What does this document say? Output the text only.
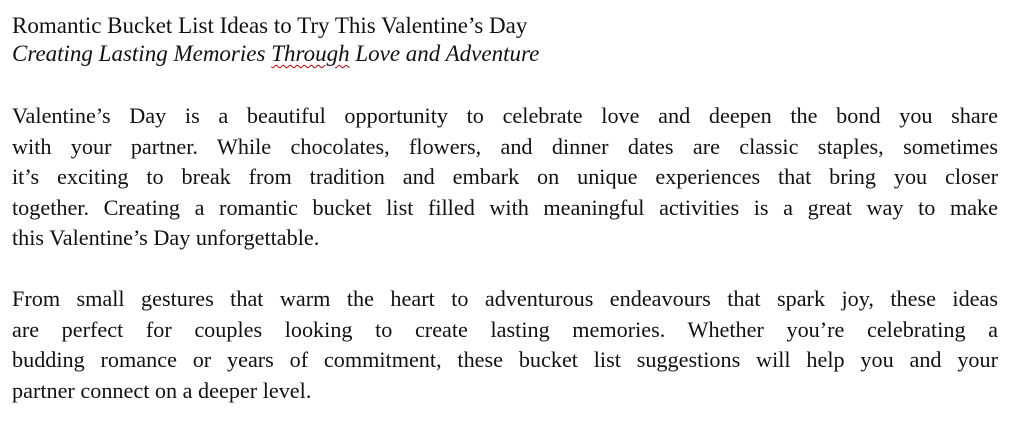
Romantic Bucket List Ideas to Try This Valentine’s Day
Creating Lasting Memories Through Love and Adventure

Valentine’s Day is a beautiful opportunity to celebrate love and deepen the bond you share
with your partner. While chocolates, flowers, and dinner dates are classic staples, sometimes
it’s exciting to break from tradition and embark on unique experiences that bring you closer
together. Creating a romantic bucket list filled with meaningful activities is a great way to make
this Valentine’s Day unforgettable.

From small gestures that warm the heart to adventurous endeavours that spark joy, these ideas
are perfect for couples looking to create lasting memories. Whether you’re celebrating a
budding romance or years of commitment, these bucket list suggestions will help you and your
partner connect on a deeper level.
